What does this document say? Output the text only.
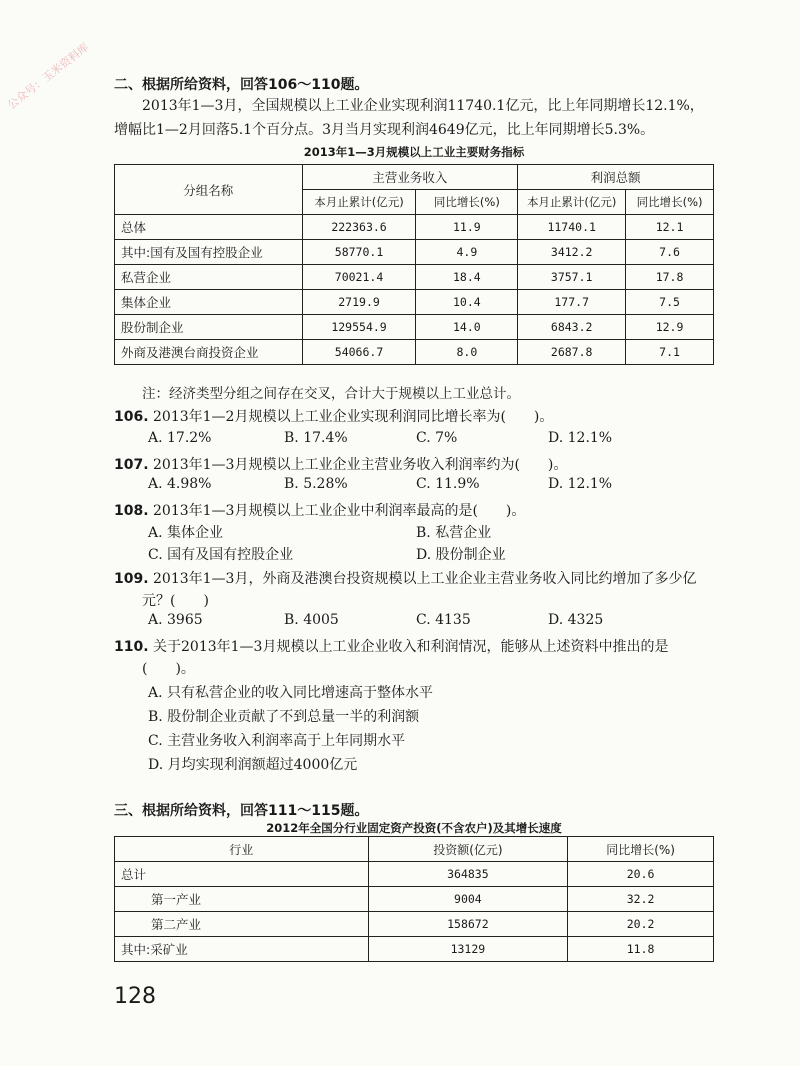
公众号：玉米资料库 二、根据所给资料，回答106～110题。
2013年1—3月，全国规模以上工业企业实现利润11740.1亿元，比上年同期增长12.1%，
增幅比1—2月回落5.1个百分点。3月当月实现利润4649亿元，比上年同期增长5.3%。
2013年1—3月规模以上工业主要财务指标
分组名称	主营业务收入		利润总额	
	本月止累计(亿元)	同比增长(%)	本月止累计(亿元)	同比增长(%)
总体	222363.6	11.9	11740.1	12.1
其中:国有及国有控股企业	58770.1	4.9	3412.2	7.6
私营企业	70021.4	18.4	3757.1	17.8
集体企业	2719.9	10.4	177.7	7.5
股份制企业	129554.9	14.0	6843.2	12.9
外商及港澳台商投资企业	54066.7	8.0	2687.8	7.1
注：经济类型分组之间存在交叉，合计大于规模以上工业总计。
106. 2013年1—2月规模以上工业企业实现利润同比增长率为(　　)。
A. 17.2%	B. 17.4%	C. 7%	D. 12.1%
107. 2013年1—3月规模以上工业企业主营业务收入利润率约为(　　)。
A. 4.98%	B. 5.28%	C. 11.9%	D. 12.1%
108. 2013年1—3月规模以上工业企业中利润率最高的是(　　)。
A. 集体企业	B. 私营企业
C. 国有及国有控股企业	D. 股份制企业
109. 2013年1—3月，外商及港澳台投资规模以上工业企业主营业务收入同比约增加了多少亿
元？(　　)
A. 3965	B. 4005	C. 4135	D. 4325
110. 关于2013年1—3月规模以上工业企业收入和利润情况，能够从上述资料中推出的是
(　　)。
A. 只有私营企业的收入同比增速高于整体水平
B. 股份制企业贡献了不到总量一半的利润额
C. 主营业务收入利润率高于上年同期水平
D. 月均实现利润额超过4000亿元
三、根据所给资料，回答111～115题。
2012年全国分行业固定资产投资(不含农户)及其增长速度
行业	投资额(亿元)	同比增长(%)
总计	364835	20.6
第一产业	9004	32.2
第二产业	158672	20.2
其中:采矿业	13129	11.8
128
